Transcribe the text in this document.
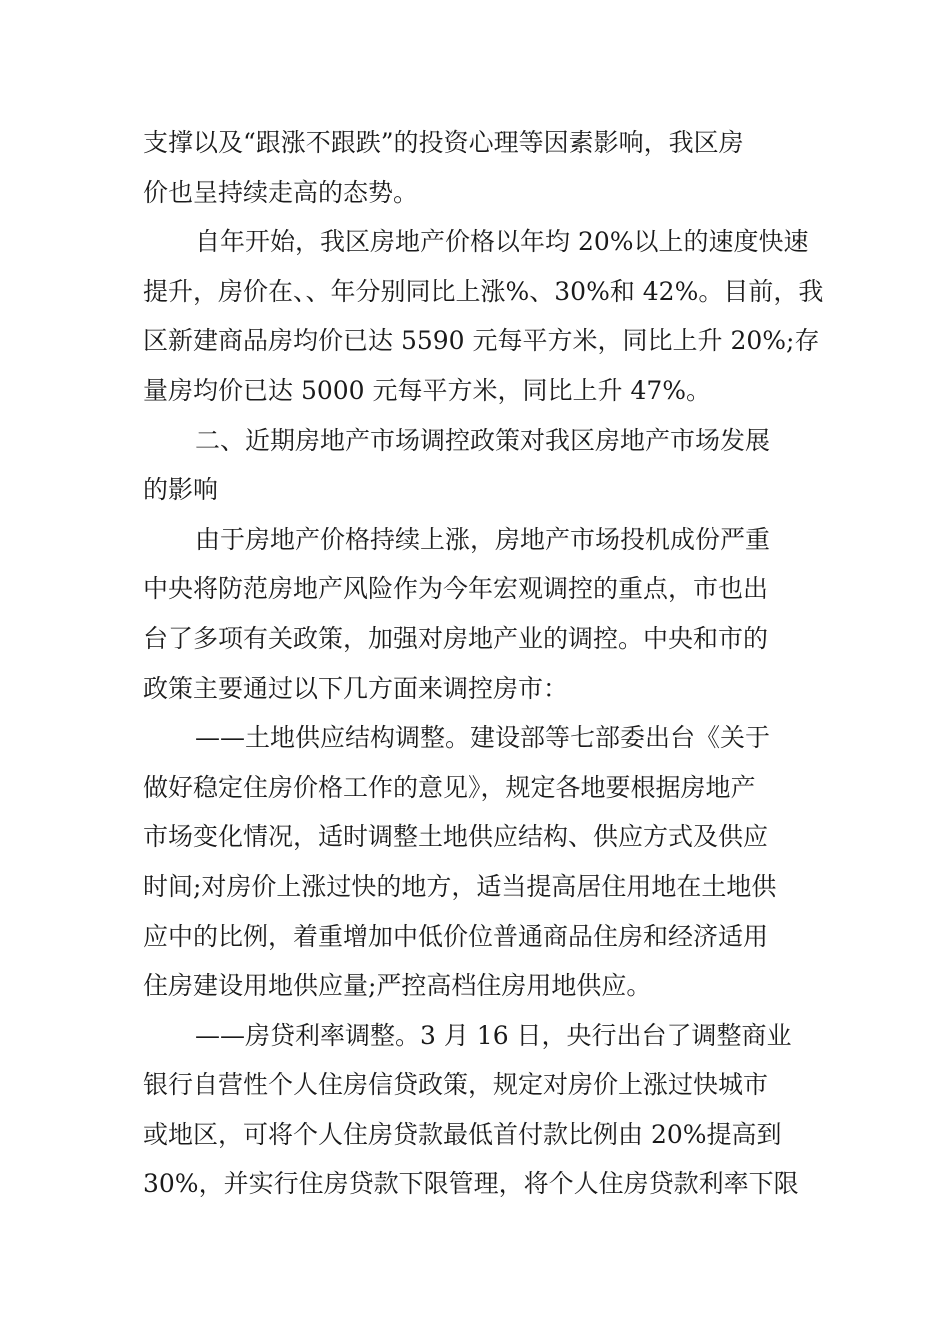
支撑以及“跟涨不跟跌”的投资心理等因素影响，我区房
价也呈持续走高的态势。
自年开始，我区房地产价格以年均 20%以上的速度快速
提升，房价在、、年分别同比上涨%、30%和 42%。目前，我
区新建商品房均价已达 5590 元每平方米，同比上升 20%;存
量房均价已达 5000 元每平方米，同比上升 47%。
二、近期房地产市场调控政策对我区房地产市场发展
的影响
由于房地产价格持续上涨，房地产市场投机成份严重
中央将防范房地产风险作为今年宏观调控的重点，市也出
台了多项有关政策，加强对房地产业的调控。中央和市的
政策主要通过以下几方面来调控房市：
——土地供应结构调整。建设部等七部委出台《关于
做好稳定住房价格工作的意见》，规定各地要根据房地产
市场变化情况，适时调整土地供应结构、供应方式及供应
时间;对房价上涨过快的地方，适当提高居住用地在土地供
应中的比例，着重增加中低价位普通商品住房和经济适用
住房建设用地供应量;严控高档住房用地供应。
——房贷利率调整。3 月 16 日，央行出台了调整商业
银行自营性个人住房信贷政策，规定对房价上涨过快城市
或地区，可将个人住房贷款最低首付款比例由 20%提高到
30%，并实行住房贷款下限管理，将个人住房贷款利率下限
